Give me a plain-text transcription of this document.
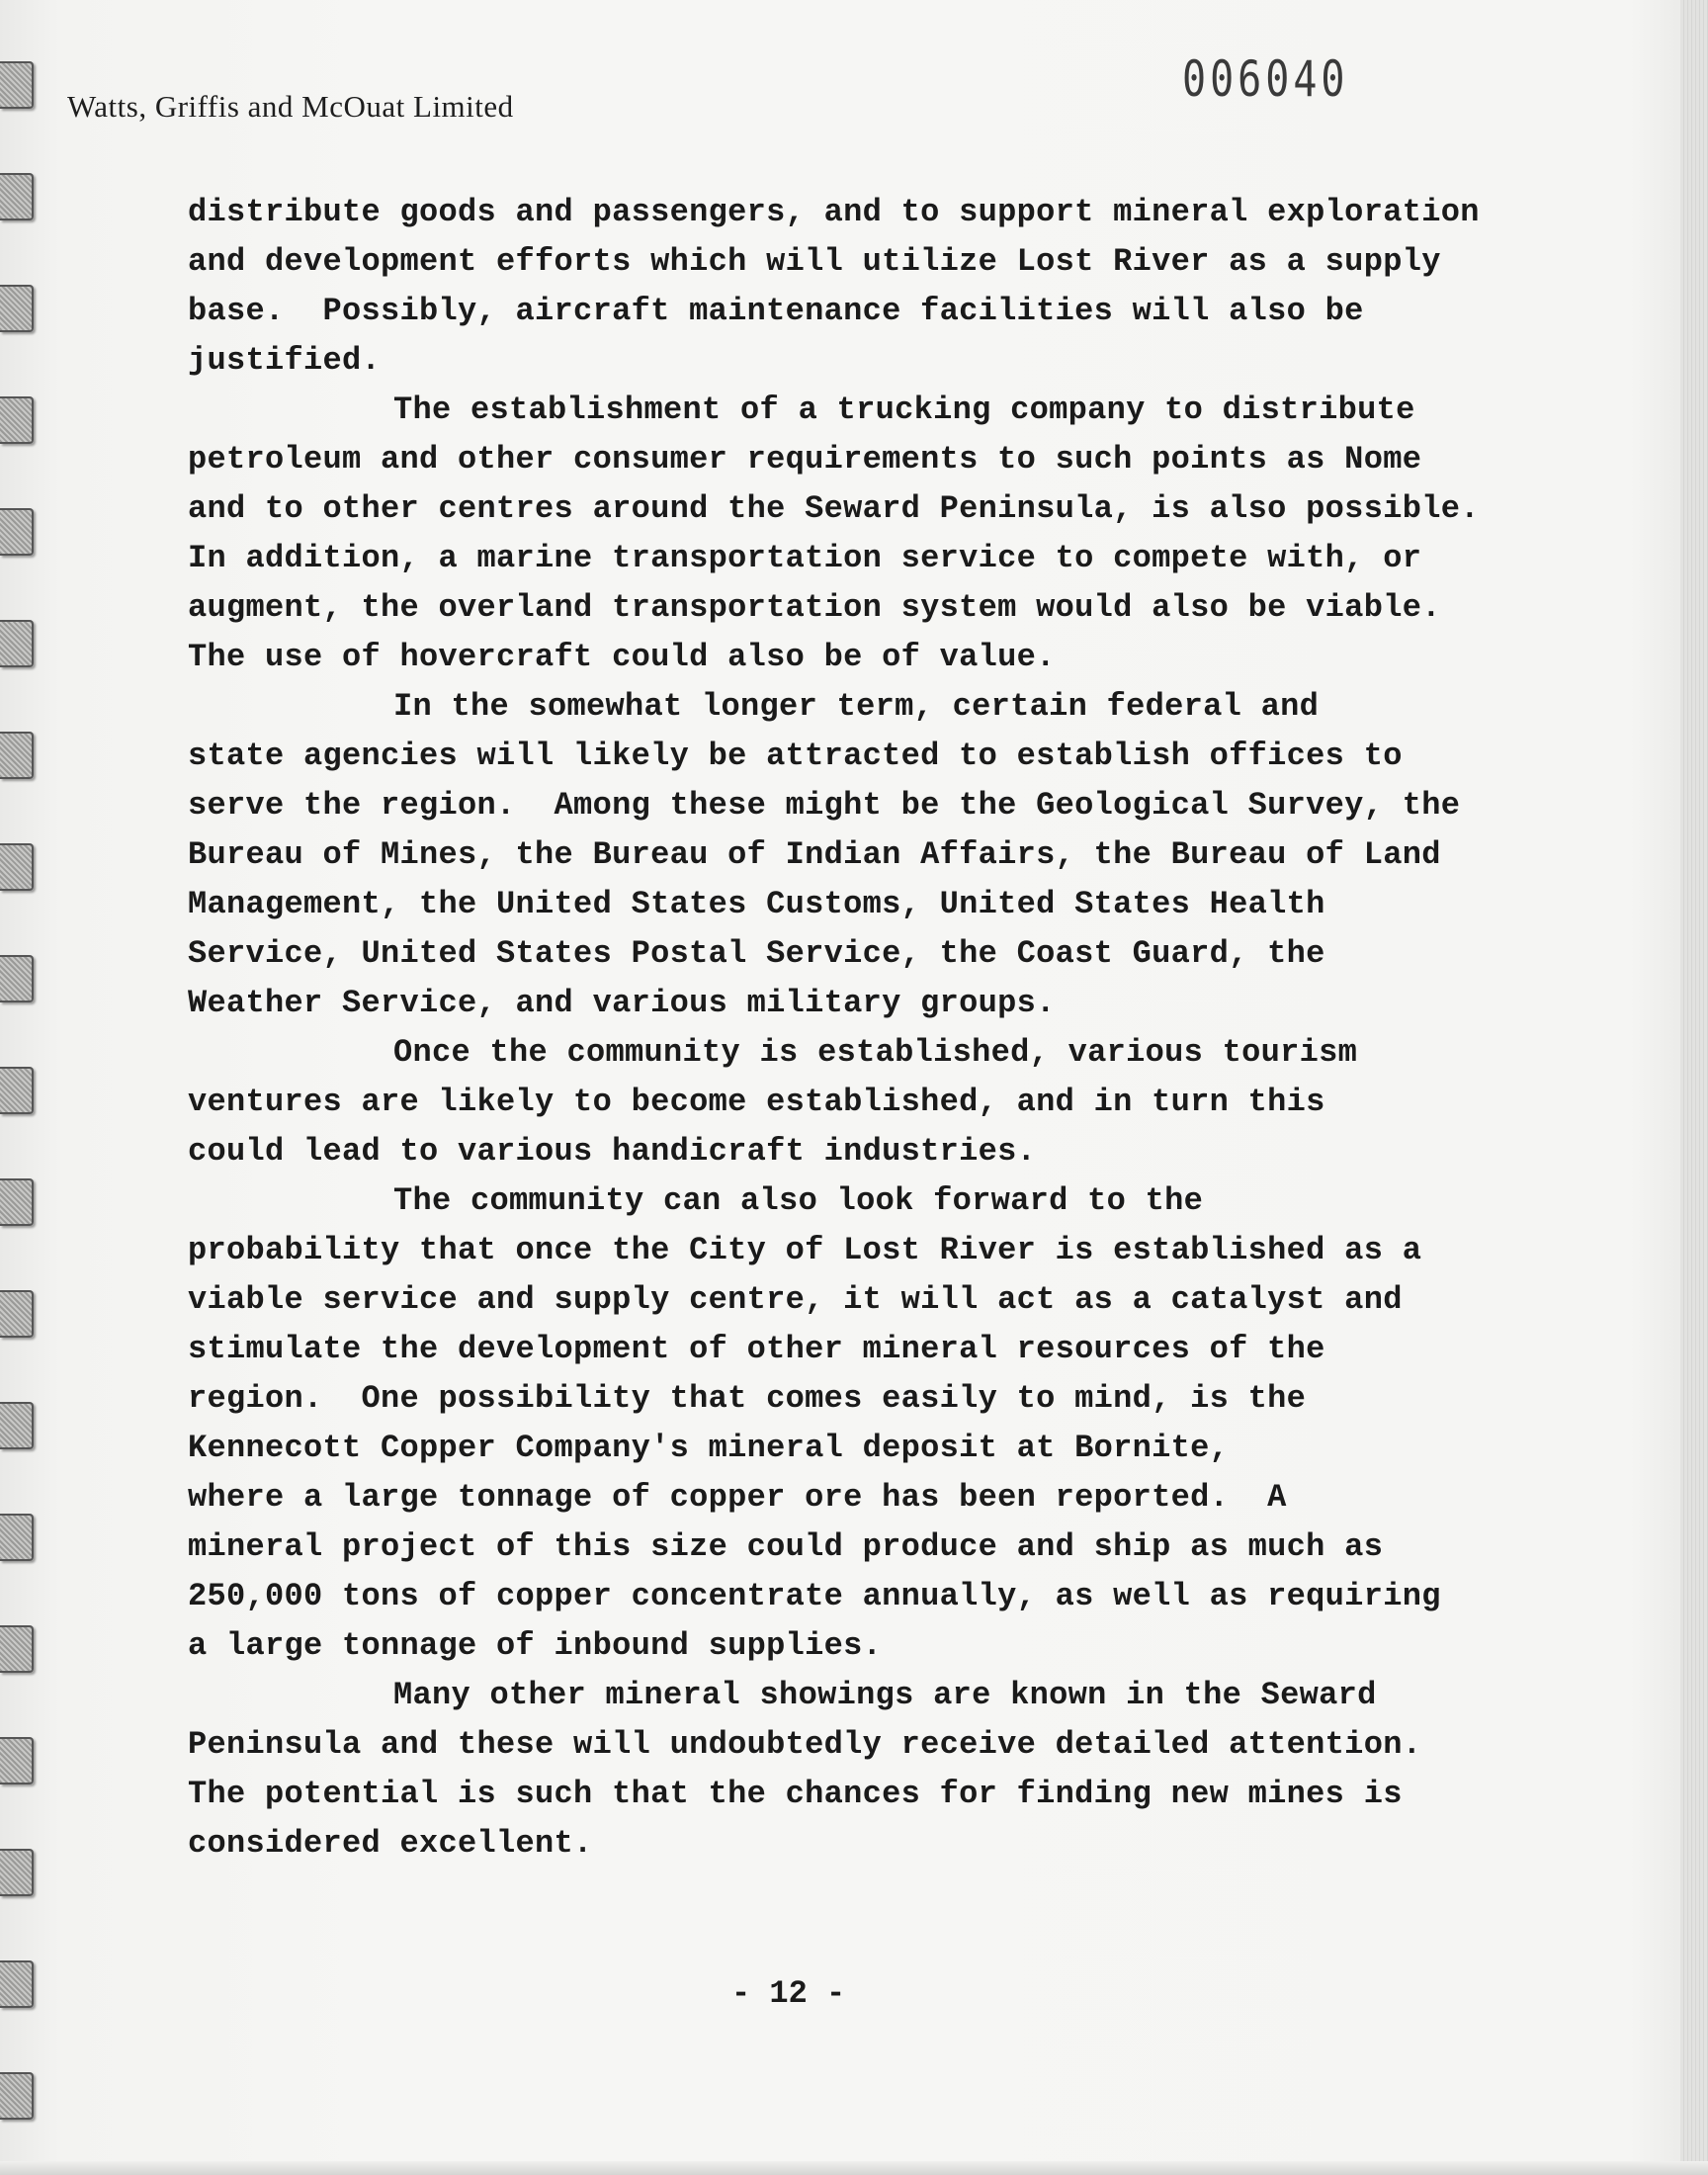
Watts, Griffis and McOuat Limited	006040
distribute goods and passengers, and to support mineral exploration
and development efforts which will utilize Lost River as a supply
base.  Possibly, aircraft maintenance facilities will also be
justified.
The establishment of a trucking company to distribute
petroleum and other consumer requirements to such points as Nome
and to other centres around the Seward Peninsula, is also possible.
In addition, a marine transportation service to compete with, or
augment, the overland transportation system would also be viable.
The use of hovercraft could also be of value.
In the somewhat longer term, certain federal and
state agencies will likely be attracted to establish offices to
serve the region.  Among these might be the Geological Survey, the
Bureau of Mines, the Bureau of Indian Affairs, the Bureau of Land
Management, the United States Customs, United States Health
Service, United States Postal Service, the Coast Guard, the
Weather Service, and various military groups.
Once the community is established, various tourism
ventures are likely to become established, and in turn this
could lead to various handicraft industries.
The community can also look forward to the
probability that once the City of Lost River is established as a
viable service and supply centre, it will act as a catalyst and
stimulate the development of other mineral resources of the
region.  One possibility that comes easily to mind, is the
Kennecott Copper Company's mineral deposit at Bornite,
where a large tonnage of copper ore has been reported.  A
mineral project of this size could produce and ship as much as
250,000 tons of copper concentrate annually, as well as requiring
a large tonnage of inbound supplies.
Many other mineral showings are known in the Seward
Peninsula and these will undoubtedly receive detailed attention.
The potential is such that the chances for finding new mines is
considered excellent.
- 12 -
